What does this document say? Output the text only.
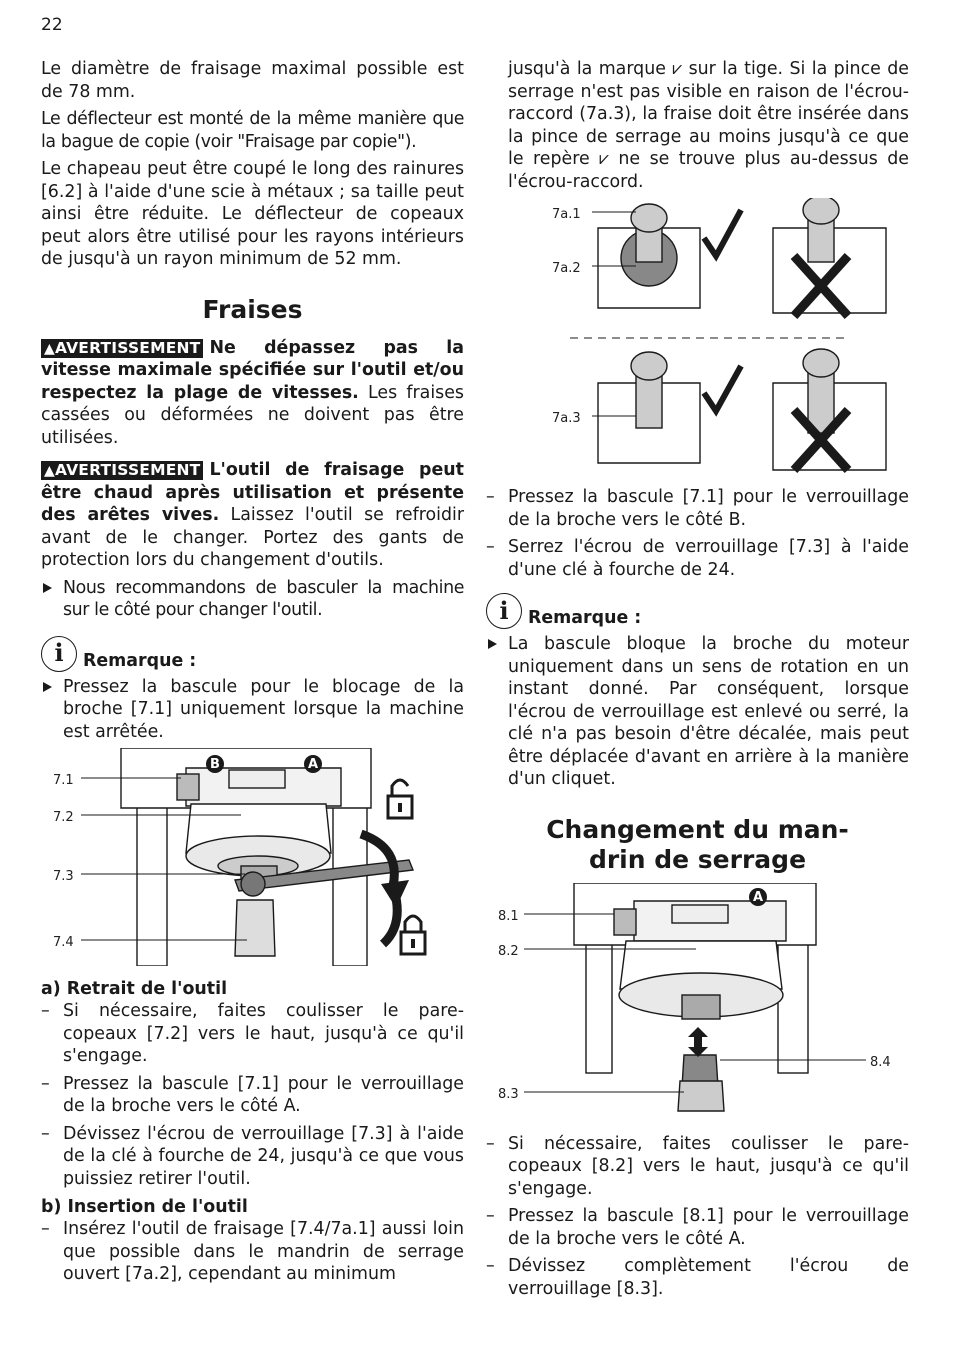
22

Le diamètre de fraisage maximal possible est de 78 mm.

Le déflecteur est monté de la même manière que la bague de copie (voir "Fraisage par copie").

Le chapeau peut être coupé le long des rainures [6.2] à l'aide d'une scie à métaux ; sa taille peut ainsi être réduite. Le déflecteur de copeaux peut alors être utilisé pour les rayons intérieurs de jusqu'à un rayon minimum de 52 mm.

Fraises

▲AVERTISSEMENT Ne dépassez pas la vitesse maximale spécifiée sur l'outil et/ou respectez la plage de vitesses. Les fraises cassées ou déformées ne doivent pas être utilisées.

▲AVERTISSEMENT L'outil de fraisage peut être chaud après utilisation et présente des arêtes vives. Laissez l'outil se refroidir avant de le changer. Portez des gants de protection lors du changement d'outils.

Nous recommandons de basculer la machine sur le côté pour changer l'outil.
i	Remarque :
Pressez la bascule pour le blocage de la broche [7.1] uniquement lorsque la machine est arrêtée.
7.1
7.2
7.3
7.4
B	A
a) Retrait de l'outil
– Si nécessaire, faites coulisser le pare-copeaux [7.2] vers le haut, jusqu'à ce qu'il s'engage.
– Pressez la bascule [7.1] pour le verrouillage de la broche vers le côté A.
– Dévissez l'écrou de verrouillage [7.3] à l'aide de la clé à fourche de 24, jusqu'à ce que vous puissiez retirer l'outil.
b) Insertion de l'outil
– Insérez l'outil de fraisage [7.4/7a.1] aussi loin que possible dans le mandrin de serrage ouvert [7a.2], cependant au minimum
– jusqu'à la marque ⩗ sur la tige. Si la pince de serrage n'est pas visible en raison de l'écrou-raccord (7a.3), la fraise doit être insérée dans la pince de serrage au moins jusqu'à ce que le repère ⩗ ne se trouve plus au-dessus de l'écrou-raccord.
7a.1
7a.2
7a.3
– Pressez la bascule [7.1] pour le verrouillage de la broche vers le côté B.
– Serrez l'écrou de verrouillage [7.3] à l'aide d'une clé à fourche de 24.
i	Remarque :
La bascule bloque la broche du moteur uniquement dans un sens de rotation en un instant donné. Par conséquent, lorsque l'écrou de verrouillage est enlevé ou serré, la clé n'a pas besoin d'être décalée, mais peut être déplacée d'avant en arrière à la manière d'un cliquet.
Changement du man-
drin de serrage
8.1
8.2
8.3
8.4
A
– Si nécessaire, faites coulisser le pare-copeaux [8.2] vers le haut, jusqu'à ce qu'il s'engage.
– Pressez la bascule [8.1] pour le verrouillage de la broche vers le côté A.
– Dévissez complètement l'écrou de verrouillage [8.3].
